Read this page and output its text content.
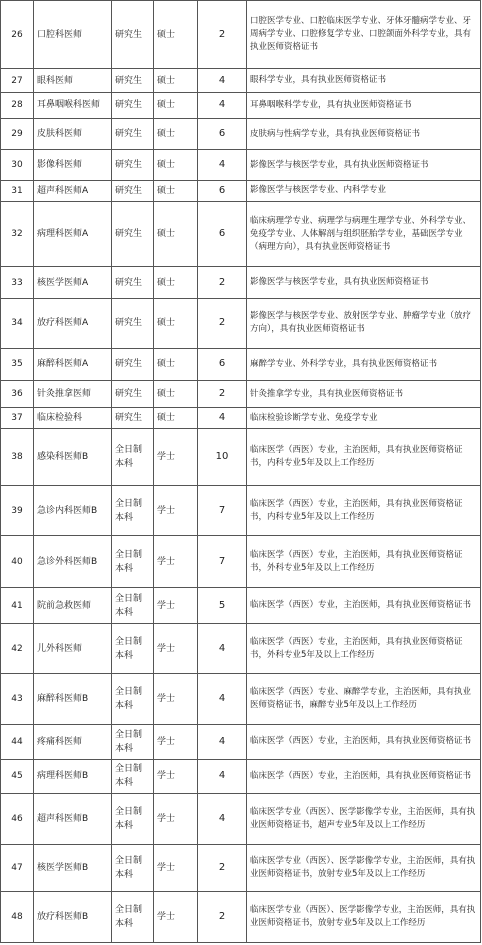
26	口腔科医师	研究生	硕士	2	口腔医学专业、口腔临床医学专业、牙体牙髓病学专业、牙周病学专业、口腔修复学专业、口腔颌面外科学专业，具有执业医师资格证书
27	眼科医师	研究生	硕士	4	眼科学专业，具有执业医师资格证书
28	耳鼻咽喉科医师	研究生	硕士	4	耳鼻咽喉科学专业，具有执业医师资格证书
29	皮肤科医师	研究生	硕士	6	皮肤病与性病学专业，具有执业医师资格证书
30	影像科医师	研究生	硕士	4	影像医学与核医学专业，具有执业医师资格证书
31	超声科医师A	研究生	硕士	6	影像医学与核医学专业、内科学专业
32	病理科医师A	研究生	硕士	6	临床病理学专业、病理学与病理生理学专业、外科学专业、免疫学专业、人体解剖与组织胚胎学专业，基础医学专业（病理方向），具有执业医师资格证书
33	核医学医师A	研究生	硕士	2	影像医学与核医学专业，具有执业医师资格证书
34	放疗科医师A	研究生	硕士	2	影像医学与核医学专业、放射医学专业、肿瘤学专业（放疗方向），具有执业医师资格证书
35	麻醉科医师A	研究生	硕士	6	麻醉学专业、外科学专业，具有执业医师资格证书
36	针灸推拿医师	研究生	硕士	2	针灸推拿学专业，具有执业医师资格证书
37	临床检验科	研究生	硕士	4	临床检验诊断学专业、免疫学专业
38	感染科医师B	全日制本科	学士	10	临床医学（西医）专业，主治医师，具有执业医师资格证书，内科专业5年及以上工作经历
39	急诊内科医师B	全日制本科	学士	7	临床医学（西医）专业，主治医师，具有执业医师资格证书，内科专业5年及以上工作经历
40	急诊外科医师B	全日制本科	学士	7	临床医学（西医）专业，主治医师，具有执业医师资格证书，外科专业5年及以上工作经历
41	院前急救医师	全日制本科	学士	5	临床医学（西医）专业，主治医师，具有执业医师资格证书
42	儿外科医师	全日制本科	学士	4	临床医学（西医）专业，主治医师，具有执业医师资格证书，外科专业5年及以上工作经历
43	麻醉科医师B	全日制本科	学士	4	临床医学（西医）专业、麻醉学专业，主治医师，具有执业医师资格证书，麻醉专业5年及以上工作经历
44	疼痛科医师	全日制本科	学士	4	临床医学（西医）专业，主治医师，具有执业医师资格证书
45	病理科医师B	全日制本科	学士	4	临床医学（西医）专业，主治医师，具有执业医师资格证书
46	超声科医师B	全日制本科	学士	4	临床医学专业（西医）、医学影像学专业，主治医师，具有执业医师资格证书，超声专业5年及以上工作经历
47	核医学医师B	全日制本科	学士	2	临床医学专业（西医）、医学影像学专业，主治医师，具有执业医师资格证书，放射专业5年及以上工作经历
48	放疗科医师B	全日制本科	学士	2	临床医学专业（西医）、医学影像学专业，主治医师，具有执业医师资格证书，放射专业5年及以上工作经历
